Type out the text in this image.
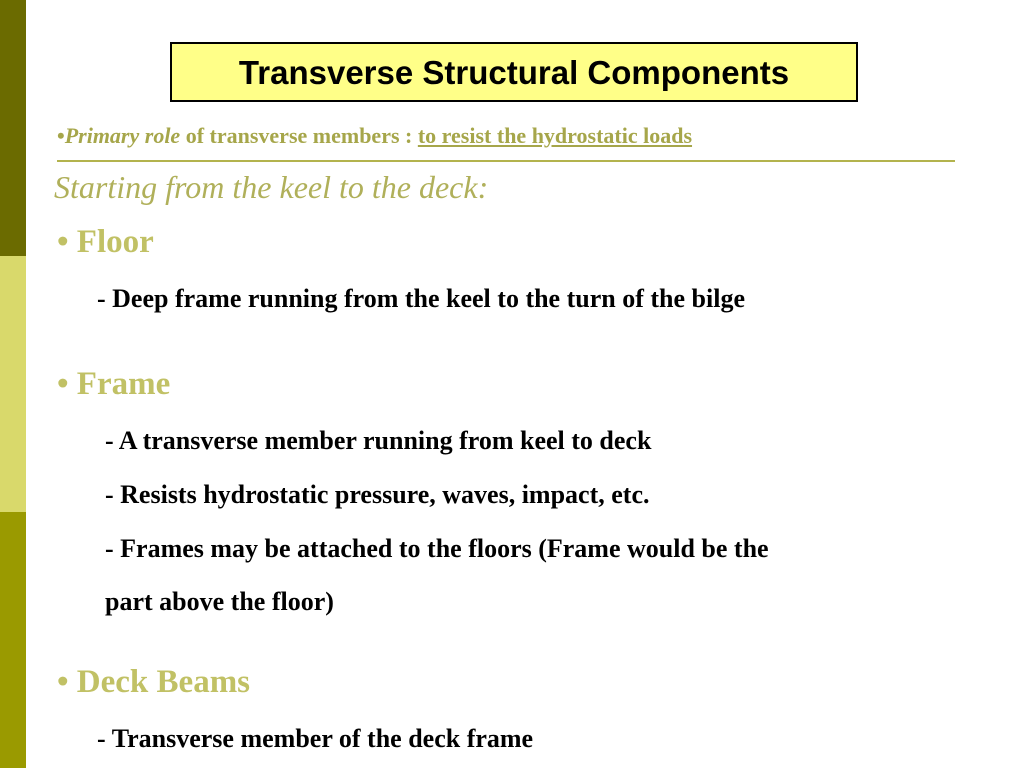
Transverse Structural Components
•Primary role of transverse members : to resist the hydrostatic loads
Starting from the keel to the deck:
• Floor
- Deep frame running from the keel to the turn of the bilge
• Frame
- A transverse member running from keel to deck
- Resists hydrostatic pressure, waves, impact, etc.
- Frames may be attached to the floors (Frame would be the
part above the floor)
• Deck Beams
- Transverse member of the deck frame
